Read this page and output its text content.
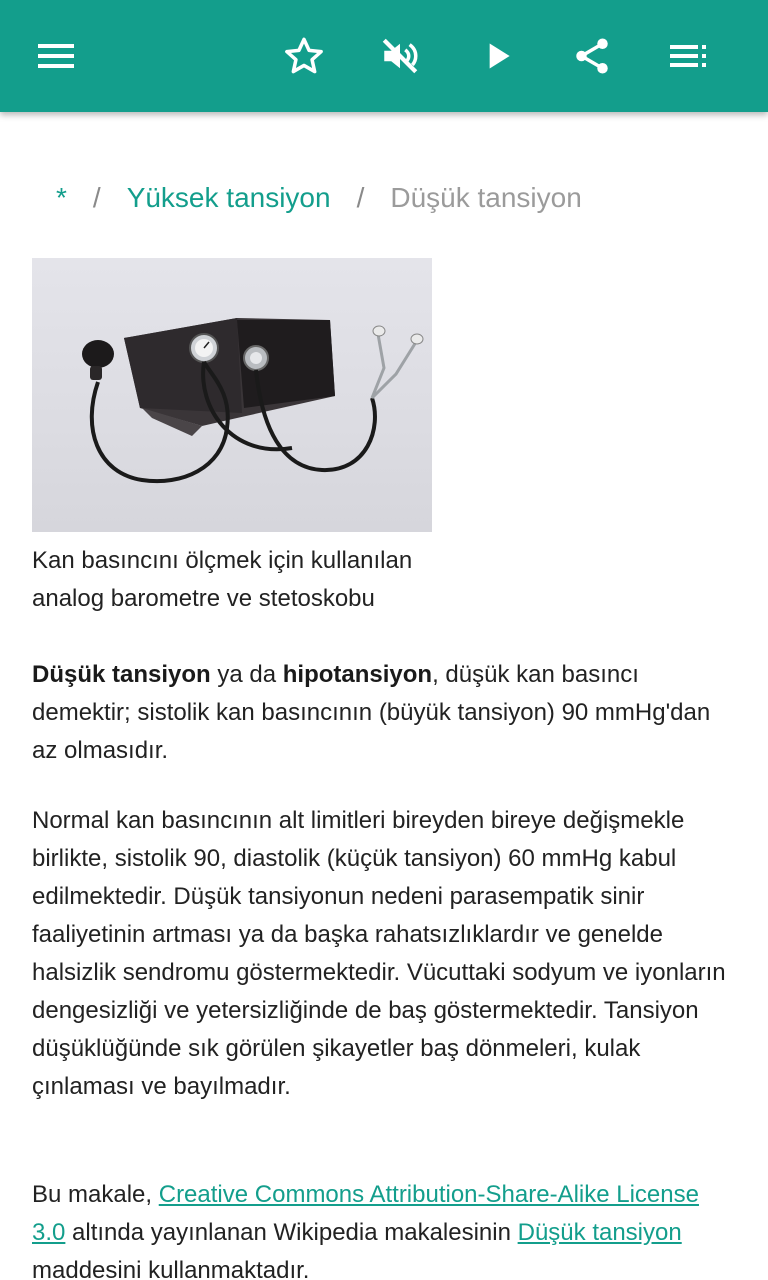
* / Yüksek tansiyon / Düşük tansiyon
Kan basıncını ölçmek için kullanılan analog barometre ve stetoskobu
Düşük tansiyon ya da hipotansiyon, düşük kan basıncı demektir; sistolik kan basıncının (büyük tansiyon) 90 mmHg'dan az olmasıdır.
Normal kan basıncının alt limitleri bireyden bireye değişmekle birlikte, sistolik 90, diastolik (küçük tansiyon) 60 mmHg kabul edilmektedir. Düşük tansiyonun nedeni parasempatik sinir faaliyetinin artması ya da başka rahatsızlıklardır ve genelde halsizlik sendromu göstermektedir. Vücuttaki sodyum ve iyonların dengesizliği ve yetersizliğinde de baş göstermektedir. Tansiyon düşüklüğünde sık görülen şikayetler baş dönmeleri, kulak çınlaması ve bayılmadır.
Bu makale, Creative Commons Attribution-Share-Alike License 3.0 altında yayınlanan Wikipedia makalesinin Düşük tansiyon maddesini kullanmaktadır.
